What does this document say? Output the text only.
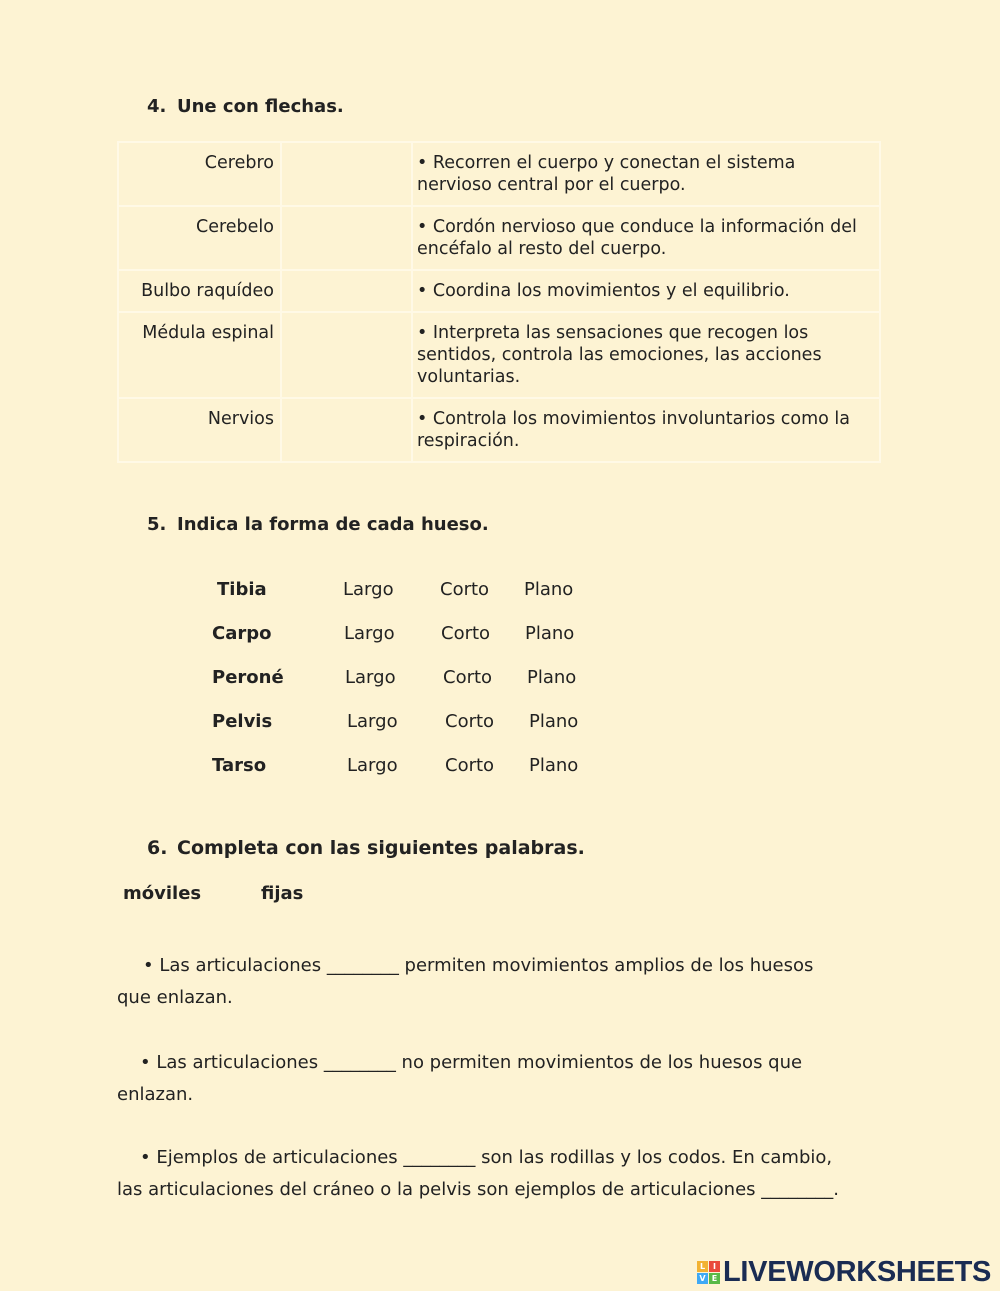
4. Une con flechas.
Cerebro		• Recorren el cuerpo y conectan el sistema nervioso central por el cuerpo.
Cerebelo		• Cordón nervioso que conduce la información del encéfalo al resto del cuerpo.
Bulbo raquídeo		• Coordina los movimientos y el equilibrio.
Médula espinal		• Interpreta las sensaciones que recogen los sentidos, controla las emociones, las acciones voluntarias.
Nervios		• Controla los movimientos involuntarios como la respiración.
5. Indica la forma de cada hueso.
Tibia	Largo	Corto Plano
Carpo	Largo	Corto Plano
Peroné	Largo	Corto Plano
Pelvis	Largo	Corto Plano
Tarso	Largo	Corto Plano
6. Completa con las siguientes palabras.
móviles	fijas
• Las articulaciones ________ permiten movimientos amplios de los huesos
que enlazan.
• Las articulaciones ________ no permiten movimientos de los huesos que
enlazan.
• Ejemplos de articulaciones ________ son las rodillas y los codos. En cambio,
las articulaciones del cráneo o la pelvis son ejemplos de articulaciones ________.
L I
V E LIVEWORKSHEETS
